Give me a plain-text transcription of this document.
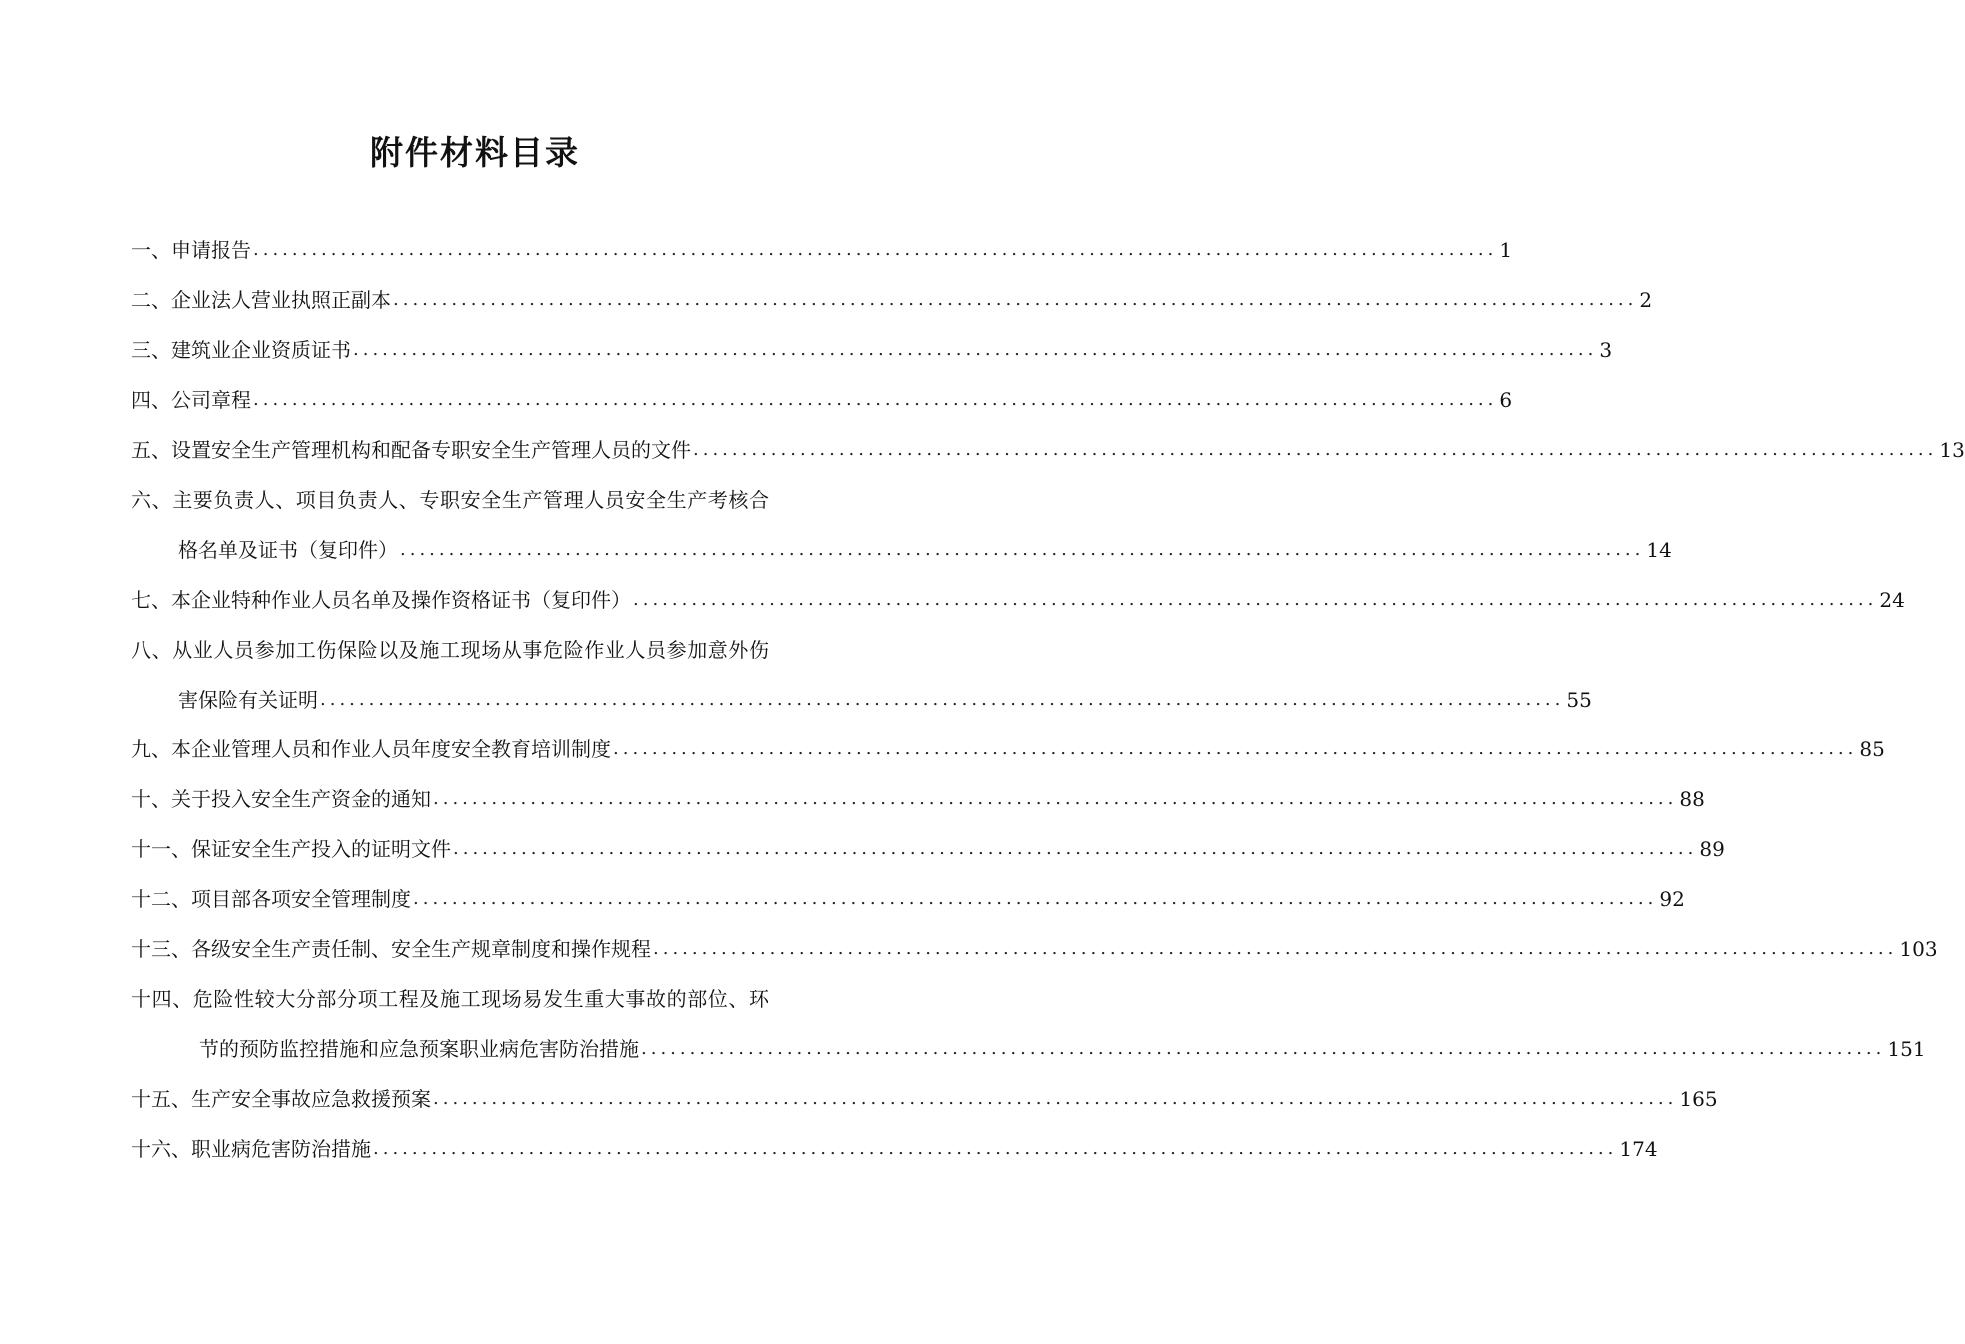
附件材料目录
一、申请报告 ................................................................................................................................ 1
二、企业法人营业执照正副本 ................................................................................................................................ 2
三、建筑业企业资质证书 ................................................................................................................................ 3
四、公司章程 ................................................................................................................................ 6
五、设置安全生产管理机构和配备专职安全生产管理人员的文件 ................................................................................................................................ 13
六、主要负责人、项目负责人、专职安全生产管理人员安全生产考核合
格名单及证书（复印件） ................................................................................................................................ 14
七、本企业特种作业人员名单及操作资格证书（复印件） ................................................................................................................................ 24
八、从业人员参加工伤保险以及施工现场从事危险作业人员参加意外伤
害保险有关证明 ................................................................................................................................ 55
九、本企业管理人员和作业人员年度安全教育培训制度 ................................................................................................................................ 85
十、关于投入安全生产资金的通知 ................................................................................................................................ 88
十一、保证安全生产投入的证明文件 ................................................................................................................................ 89
十二、项目部各项安全管理制度 ................................................................................................................................ 92
十三、各级安全生产责任制、安全生产规章制度和操作规程 ................................................................................................................................ 103
十四、危险性较大分部分项工程及施工现场易发生重大事故的部位、环
节的预防监控措施和应急预案职业病危害防治措施 ................................................................................................................................ 151
十五、生产安全事故应急救援预案 ................................................................................................................................ 165
十六、职业病危害防治措施 ................................................................................................................................ 174
